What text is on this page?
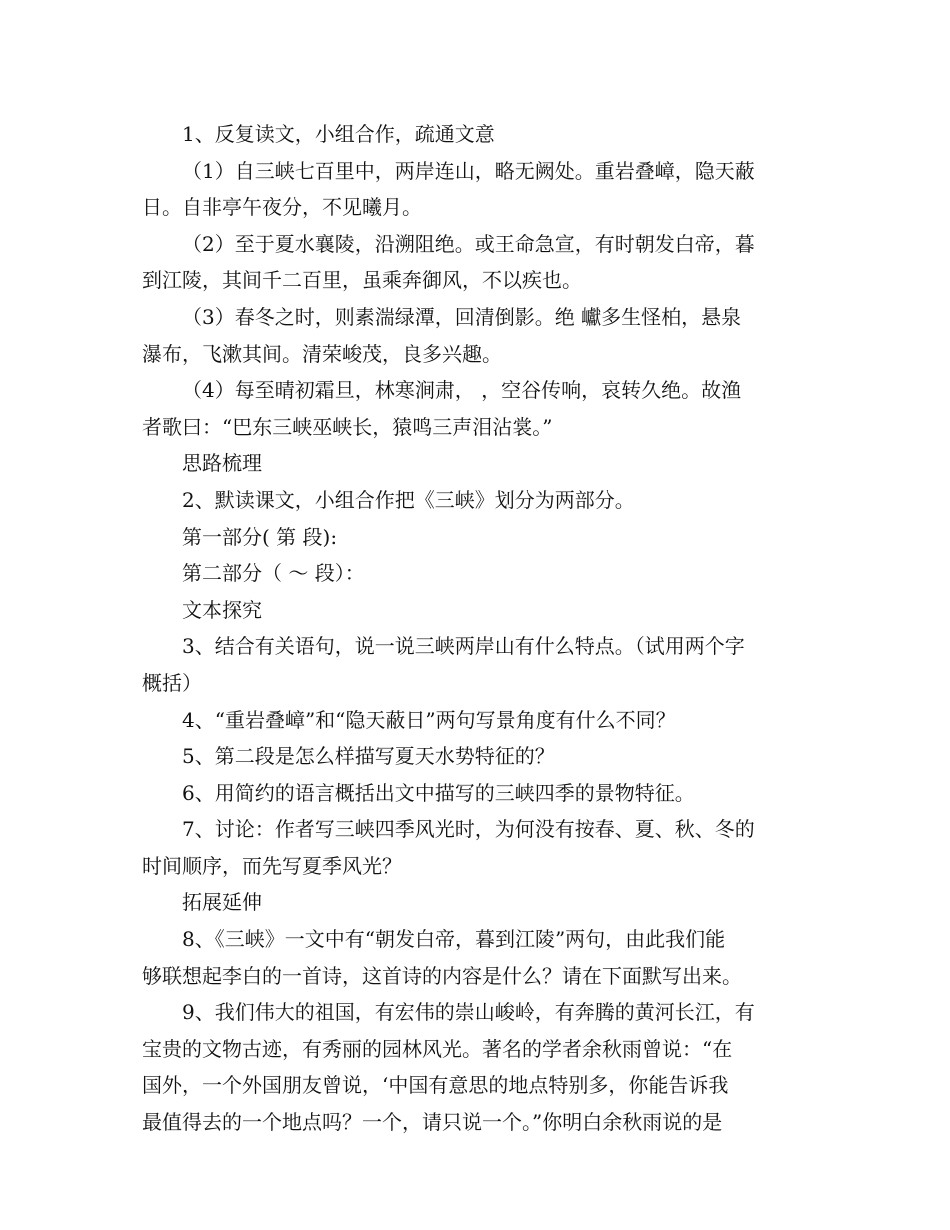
1、反复读文，小组合作，疏通文意

（1）自三峡七百里中，两岸连山，略无阙处。重岩叠嶂，隐天蔽
日。自非亭午夜分，不见曦月。

（2）至于夏水襄陵，沿溯阻绝。或王命急宣，有时朝发白帝，暮
到江陵，其间千二百里，虽乘奔御风，不以疾也。

（3）春冬之时，则素湍绿潭，回清倒影。绝 巘多生怪柏，悬泉
瀑布，飞漱其间。清荣峻茂，良多兴趣。

（4）每至晴初霜旦，林寒涧肃， ，空谷传响，哀转久绝。故渔
者歌曰：“巴东三峡巫峡长，猿鸣三声泪沾裳。”

思路梳理

2、默读课文，小组合作把《三峡》划分为两部分。

第一部分( 第 段):

第二部分（ ～ 段）：

文本探究

3、结合有关语句，说一说三峡两岸山有什么特点。（试用两个字
概括）

4、“重岩叠嶂”和“隐天蔽日”两句写景角度有什么不同？

5、第二段是怎么样描写夏天水势特征的？

6、用简约的语言概括出文中描写的三峡四季的景物特征。

7、讨论：作者写三峡四季风光时，为何没有按春、夏、秋、冬的
时间顺序，而先写夏季风光？

拓展延伸

8、《三峡》一文中有“朝发白帝，暮到江陵”两句，由此我们能
够联想起李白的一首诗，这首诗的内容是什么？请在下面默写出来。

9、我们伟大的祖国，有宏伟的崇山峻岭，有奔腾的黄河长江，有
宝贵的文物古迹，有秀丽的园林风光。著名的学者余秋雨曾说：“在
国外，一个外国朋友曾说，‘中国有意思的地点特别多，你能告诉我
最值得去的一个地点吗？一个，请只说一个。”你明白余秋雨说的是
